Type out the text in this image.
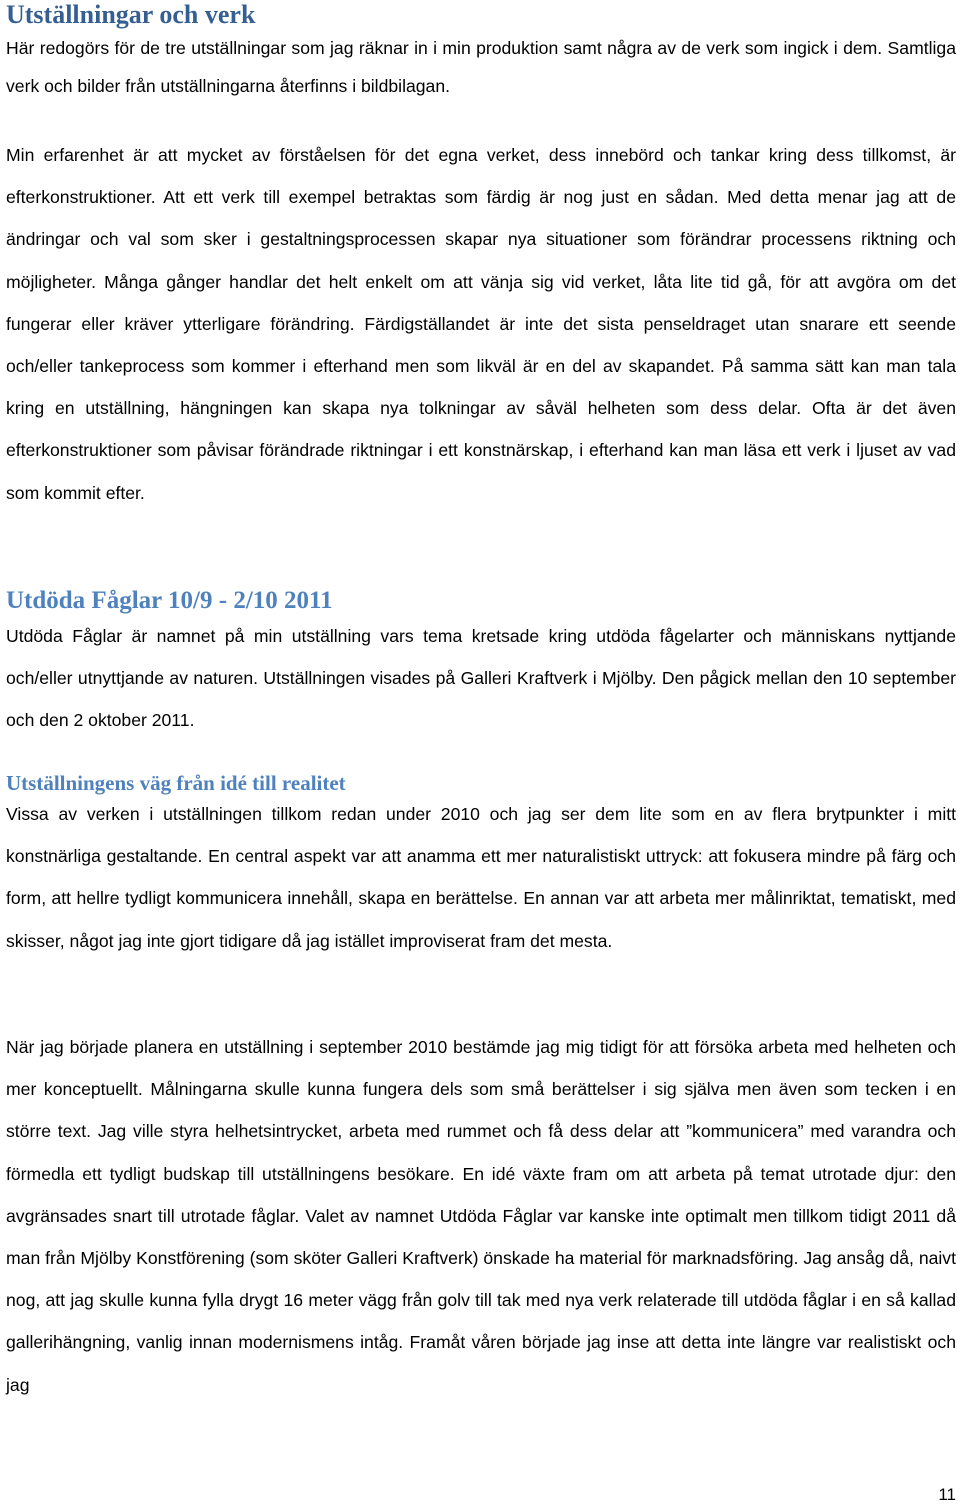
Utställningar och verk

Här redogörs för de tre utställningar som jag räknar in i min produktion samt några av de verk som ingick i dem. Samtliga verk och bilder från utställningarna återfinns i bildbilagan.

Min erfarenhet är att mycket av förståelsen för det egna verket, dess innebörd och tankar kring dess tillkomst, är efterkonstruktioner. Att ett verk till exempel betraktas som färdig är nog just en sådan. Med detta menar jag att de ändringar och val som sker i gestaltningsprocessen skapar nya situationer som förändrar processens riktning och möjligheter. Många gånger handlar det helt enkelt om att vänja sig vid verket, låta lite tid gå, för att avgöra om det fungerar eller kräver ytterligare förändring. Färdigställandet är inte det sista penseldraget utan snarare ett seende och/eller tankeprocess som kommer i efterhand men som likväl är en del av skapandet. På samma sätt kan man tala kring en utställning, hängningen kan skapa nya tolkningar av såväl helheten som dess delar. Ofta är det även efterkonstruktioner som påvisar förändrade riktningar i ett konstnärskap, i efterhand kan man läsa ett verk i ljuset av vad som kommit efter.

Utdöda Fåglar 10/9 - 2/10 2011

Utdöda Fåglar är namnet på min utställning vars tema kretsade kring utdöda fågelarter och människans nyttjande och/eller utnyttjande av naturen. Utställningen visades på Galleri Kraftverk i Mjölby. Den pågick mellan den 10 september och den 2 oktober 2011.

Utställningens väg från idé till realitet

Vissa av verken i utställningen tillkom redan under 2010 och jag ser dem lite som en av flera brytpunkter i mitt konstnärliga gestaltande. En central aspekt var att anamma ett mer naturalistiskt uttryck: att fokusera mindre på färg och form, att hellre tydligt kommunicera innehåll, skapa en berättelse. En annan var att arbeta mer målinriktat, tematiskt, med skisser, något jag inte gjort tidigare då jag istället improviserat fram det mesta.

När jag började planera en utställning i september 2010 bestämde jag mig tidigt för att försöka arbeta med helheten och mer konceptuellt. Målningarna skulle kunna fungera dels som små berättelser i sig själva men även som tecken i en större text. Jag ville styra helhetsintrycket, arbeta med rummet och få dess delar att ”kommunicera” med varandra och förmedla ett tydligt budskap till utställningens besökare. En idé växte fram om att arbeta på temat utrotade djur: den avgränsades snart till utrotade fåglar. Valet av namnet Utdöda Fåglar var kanske inte optimalt men tillkom tidigt 2011 då man från Mjölby Konstförening (som sköter Galleri Kraftverk) önskade ha material för marknadsföring. Jag ansåg då, naivt nog, att jag skulle kunna fylla drygt 16 meter vägg från golv till tak med nya verk relaterade till utdöda fåglar i en så kallad gallerihängning, vanlig innan modernismens intåg. Framåt våren började jag inse att detta inte längre var realistiskt och jag

11
